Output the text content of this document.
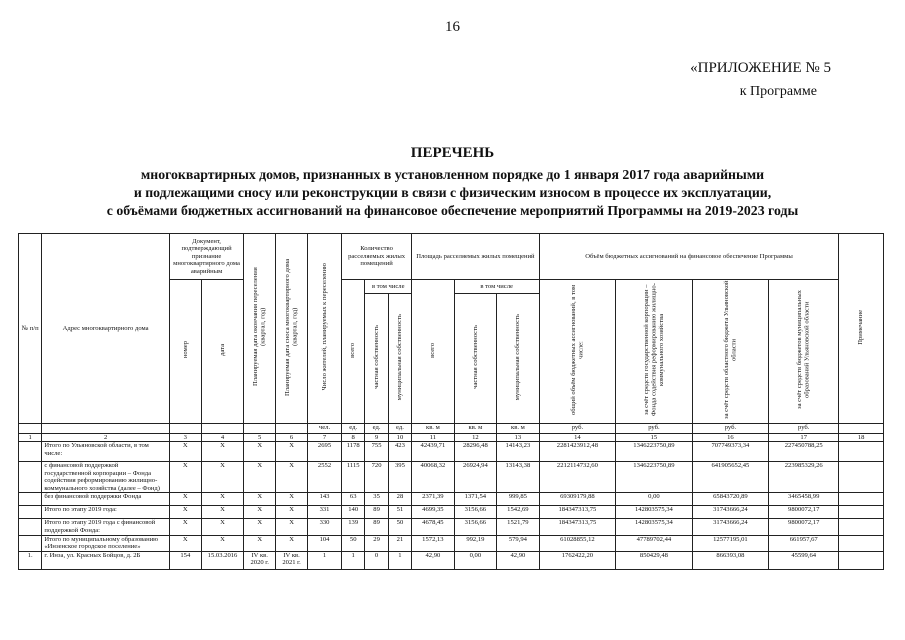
16
«ПРИЛОЖЕНИЕ № 5
к Программе
ПЕРЕЧЕНЬ
многоквартирных домов, признанных в установленном порядке до 1 января 2017 года аварийными
и подлежащими сносу или реконструкции в связи с физическим износом в процессе их эксплуатации,
с объёмами бюджетных ассигнований на финансовое обеспечение мероприятий Программы на 2019-2023 годы
№ п/п	Адрес многоквартирного дома	Документ, подтверждающий признание многоквартирного дома аварийным		Планируемая дата окончания переселения (квартал, год)	Планируемая дата сноса многоквартирного дома (квартал, год)	Число жителей, планируемых к переселению	Количество расселяемых жилых помещений			Площадь расселяемых жилых помещений			Объём бюджетных ассигнований на финансовое обеспечение Программы				Примечание
		номер	дата				всего	в том числе		всего	в том числе		общий объём бюджетных ассигнований, в том числе:	за счёт средств государственной корпорации – Фонда содействия реформированию жилищно-коммунального хозяйства	за счёт средств областного бюджета Ульяновской области	за счёт средств бюджетов муниципальных образований Ульяновской области	
								частная собственность	муниципальная собственность		частная собственность	муниципальная собственность					
						чел.	ед.	ед.	ед.	кв. м	кв. м	кв. м	руб.	руб.	руб.	руб.	
1	2	3	4	5	6	7	8	9	10	11	12	13	14	15	16	17	18
	Итого по Ульяновской области, в том числе:	X	X	X	X	2695	1178	755	423	42439,71	28296,48	14143,23	2281423912,48	1346223750,89	707749373,34	227450788,25	
	с финансовой поддержкой государственной корпорации – Фонда содействия реформированию жилищно-коммунального хозяйства (далее – Фонд)	X	X	X	X	2552	1115	720	395	40068,32	26924,94	13143,38	2212114732,60	1346223750,89	641905652,45	223985329,26	
	без финансовой поддержки Фонда	X	X	X	X	143	63	35	28	2371,39	1371,54	999,85	69309179,88	0,00	65843720,89	3465458,99	
	Итого по этапу 2019 года:	X	X	X	X	331	140	89	51	4699,35	3156,66	1542,69	184347313,75	142803575,34	31743666,24	9800072,17	
	Итого по этапу 2019 года с финансовой поддержкой Фонда:	X	X	X	X	330	139	89	50	4678,45	3156,66	1521,79	184347313,75	142803575,34	31743666,24	9800072,17	
	Итого по муниципальному образованию «Инзенское городское поселение»	X	X	X	X	104	50	29	21	1572,13	992,19	579,94	61028855,12	47789702,44	12577195,01	661957,67	
1.	г. Инза, ул. Красных Бойцов, д. 2Б	154	15.03.2016	IV кв. 2020 г.	IV кв. 2021 г.	1	1	0	1	42,90	0,00	42,90	1762422,20	850429,48	866393,08	45599,64	
